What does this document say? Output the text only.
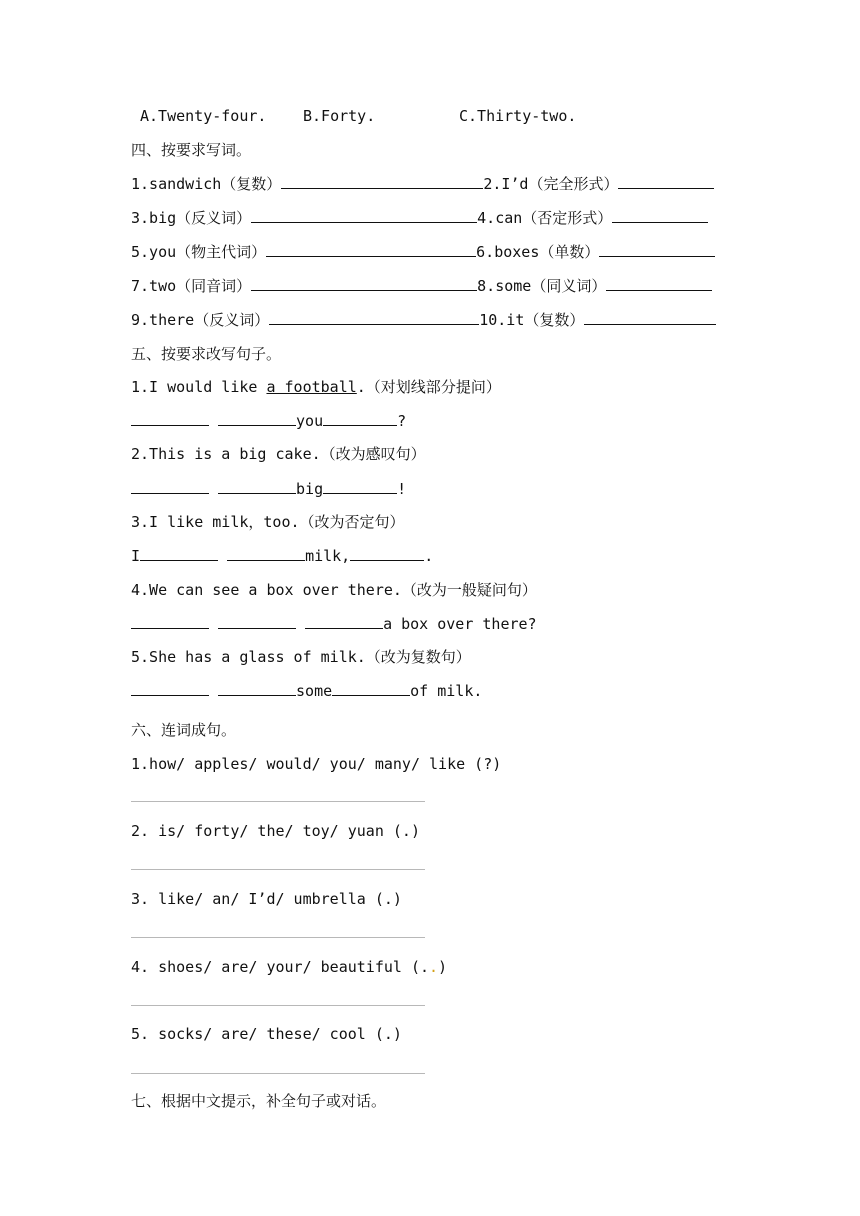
A.Twenty-four. B.Forty.	C.Thirty-two.
四、按要求写词。
1.sandwich（复数）	2.I’d（完全形式）
3.big（反义词）	4.can（否定形式）
5.you（物主代词）	6.boxes（单数）
7.two（同音词）	8.some（同义词）
9.there（反义词）	10.it（复数）
五、按要求改写句子。
1.I would like a football.（对划线部分提问）
you	?
2.This is a big cake.（改为感叹句）
big	!
3.I like milk，too.（改为否定句）
I	milk,	.
4.We can see a box over there.（改为一般疑问句）
a box over there?
5.She has a glass of milk.（改为复数句）
some	of milk.
六、连词成句。
1.how/ apples/ would/ you/ many/ like (?)
2. is/ forty/ the/ toy/ yuan (.)
3. like/ an/ I’d/ umbrella (.)
4. shoes/ are/ your/ beautiful (..)
5. socks/ are/ these/ cool (.)
七、根据中文提示，补全句子或对话。
